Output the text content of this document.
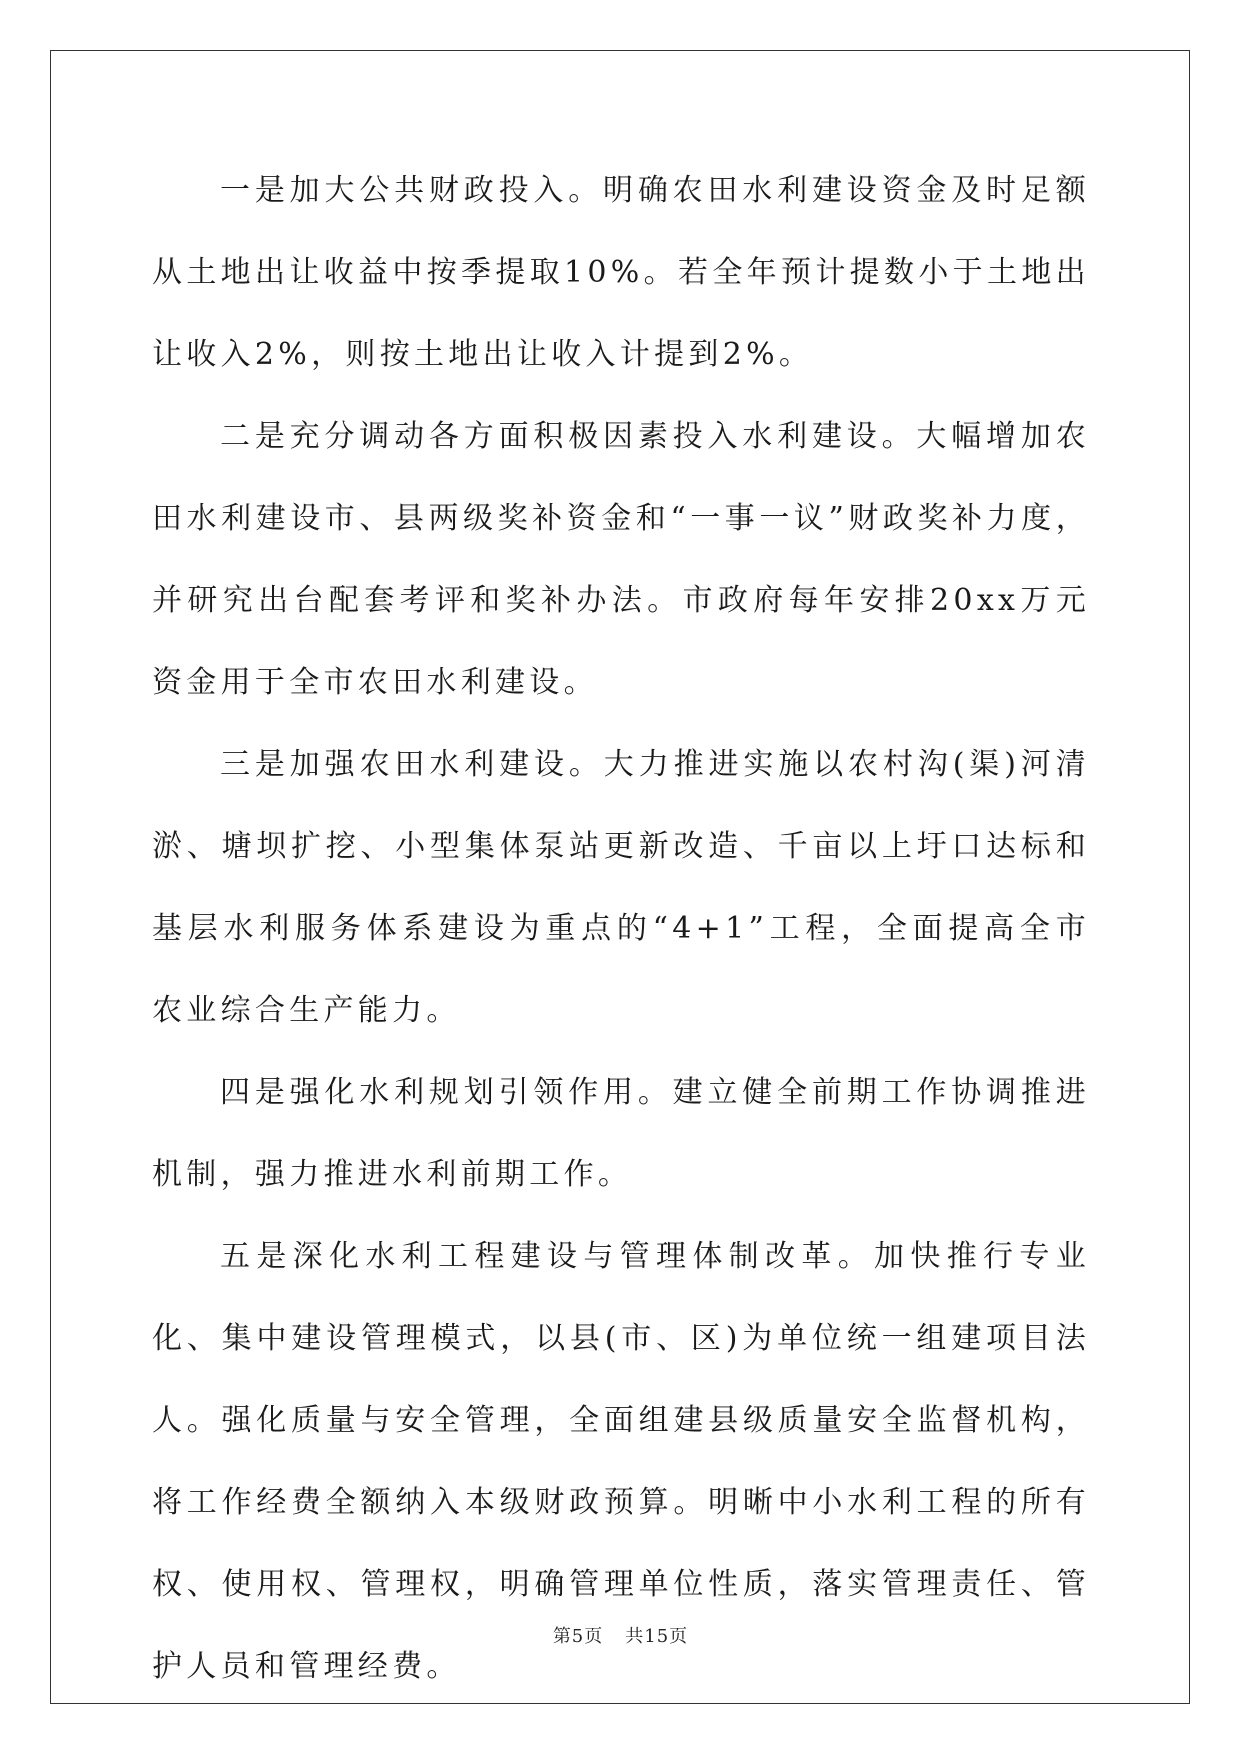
一是加大公共财政投入。明确农田水利建设资金及时足额从土地出让收益中按季提取10%。若全年预计提数小于土地出让收入2%，则按土地出让收入计提到2%。

二是充分调动各方面积极因素投入水利建设。大幅增加农田水利建设市、县两级奖补资金和“一事一议”财政奖补力度，并研究出台配套考评和奖补办法。市政府每年安排20xx万元资金用于全市农田水利建设。

三是加强农田水利建设。大力推进实施以农村沟(渠)河清淤、塘坝扩挖、小型集体泵站更新改造、千亩以上圩口达标和基层水利服务体系建设为重点的“4+1”工程，全面提高全市农业综合生产能力。

四是强化水利规划引领作用。建立健全前期工作协调推进机制，强力推进水利前期工作。

五是深化水利工程建设与管理体制改革。加快推行专业化、集中建设管理模式，以县(市、区)为单位统一组建项目法人。强化质量与安全管理，全面组建县级质量安全监督机构，将工作经费全额纳入本级财政预算。明晰中小水利工程的所有权、使用权、管理权，明确管理单位性质，落实管理责任、管护人员和管理经费。

第5页 共15页
